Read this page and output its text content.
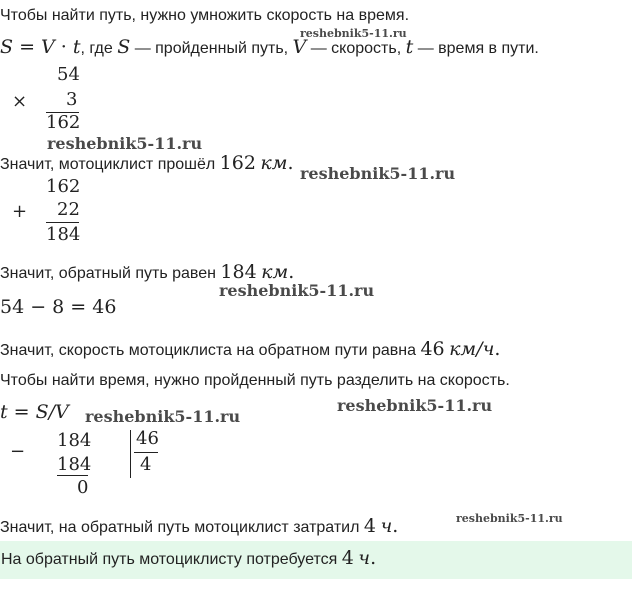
Чтобы найти путь, нужно умножить скорость на время.
S = V · t, где S — пройденный путь, V — скорость, t — время в пути.
reshebnik5-11.ru
54
× 3
162
reshebnik5-11.ru
Значит, мотоциклист прошёл 162 км. reshebnik5-11.ru
162
+ 22
184
Значит, обратный путь равен 184 км.
reshebnik5-11.ru
54 − 8 = 46
Значит, скорость мотоциклиста на обратном пути равна 46 км/ч.
Чтобы найти время, нужно пройденный путь разделить на скорость.
t = S/V reshebnik5-11.ru
reshebnik5-11.ru
−
184
184
0
46
4
Значит, на обратный путь мотоциклист затратил 4 ч.	reshebnik5-11.ru
На обратный путь мотоциклисту потребуется 4 ч.
